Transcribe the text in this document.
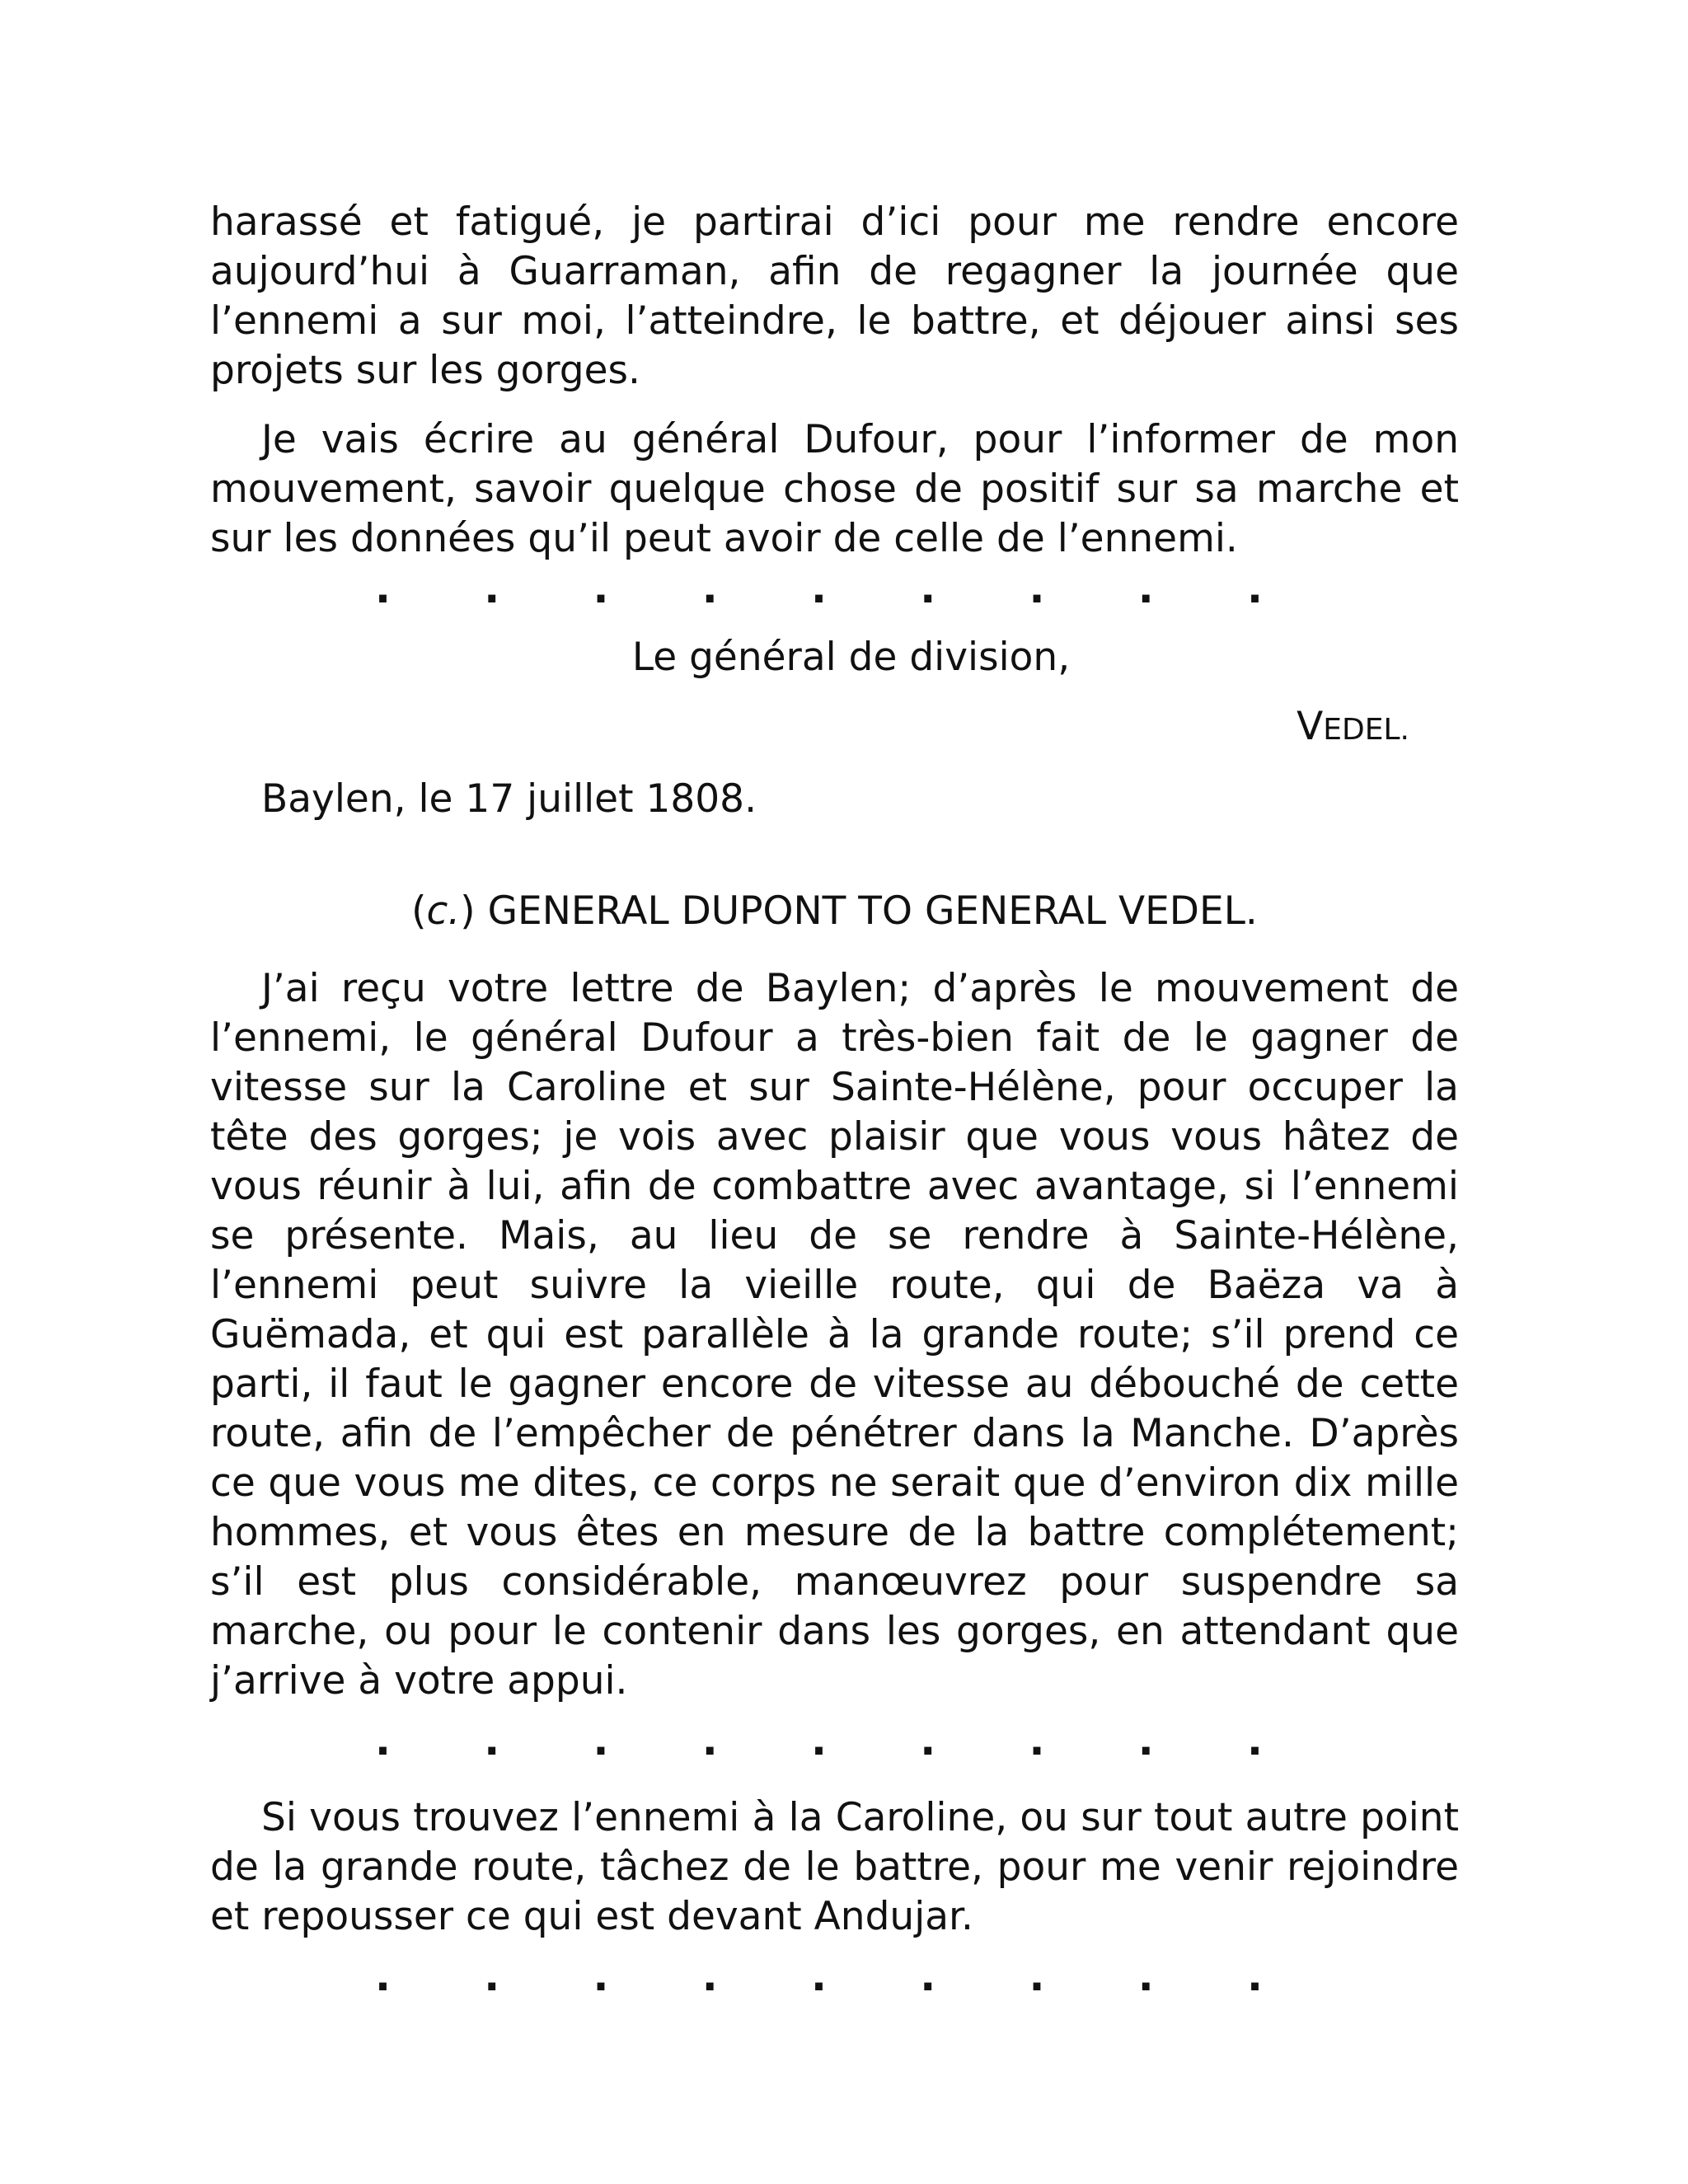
harassé et fatigué, je partirai d’ici pour me rendre encore aujourd’hui à Guarraman, afin de regagner la journée que l’ennemi a sur moi, l’atteindre, le battre, et déjouer ainsi ses projets sur les gorges.

Je vais écrire au général Dufour, pour l’informer de mon mouvement, savoir quelque chose de positif sur sa marche et sur les données qu’il peut avoir de celle de l’ennemi.

. . . . . . . . .

Le général de division,

VEDEL.

Baylen, le 17 juillet 1808.

(c.) GENERAL DUPONT TO GENERAL VEDEL.

J’ai reçu votre lettre de Baylen; d’après le mouvement de l’ennemi, le général Dufour a très-bien fait de le gagner de vitesse sur la Caroline et sur Sainte-Hélène, pour occuper la tête des gorges; je vois avec plaisir que vous vous hâtez de vous réunir à lui, afin de combattre avec avantage, si l’ennemi se présente. Mais, au lieu de se rendre à Sainte-Hélène, l’ennemi peut suivre la vieille route, qui de Baëza va à Guëmada, et qui est parallèle à la grande route; s’il prend ce parti, il faut le gagner encore de vitesse au débouché de cette route, afin de l’empêcher de pénétrer dans la Manche. D’après ce que vous me dites, ce corps ne serait que d’environ dix mille hommes, et vous êtes en mesure de la battre complétement; s’il est plus considérable, manœuvrez pour suspendre sa marche, ou pour le contenir dans les gorges, en attendant que j’arrive à votre appui.

. . . . . . . . .

Si vous trouvez l’ennemi à la Caroline, ou sur tout autre point de la grande route, tâchez de le battre, pour me venir rejoindre et repousser ce qui est devant Andujar.

. . . . . . . . .
